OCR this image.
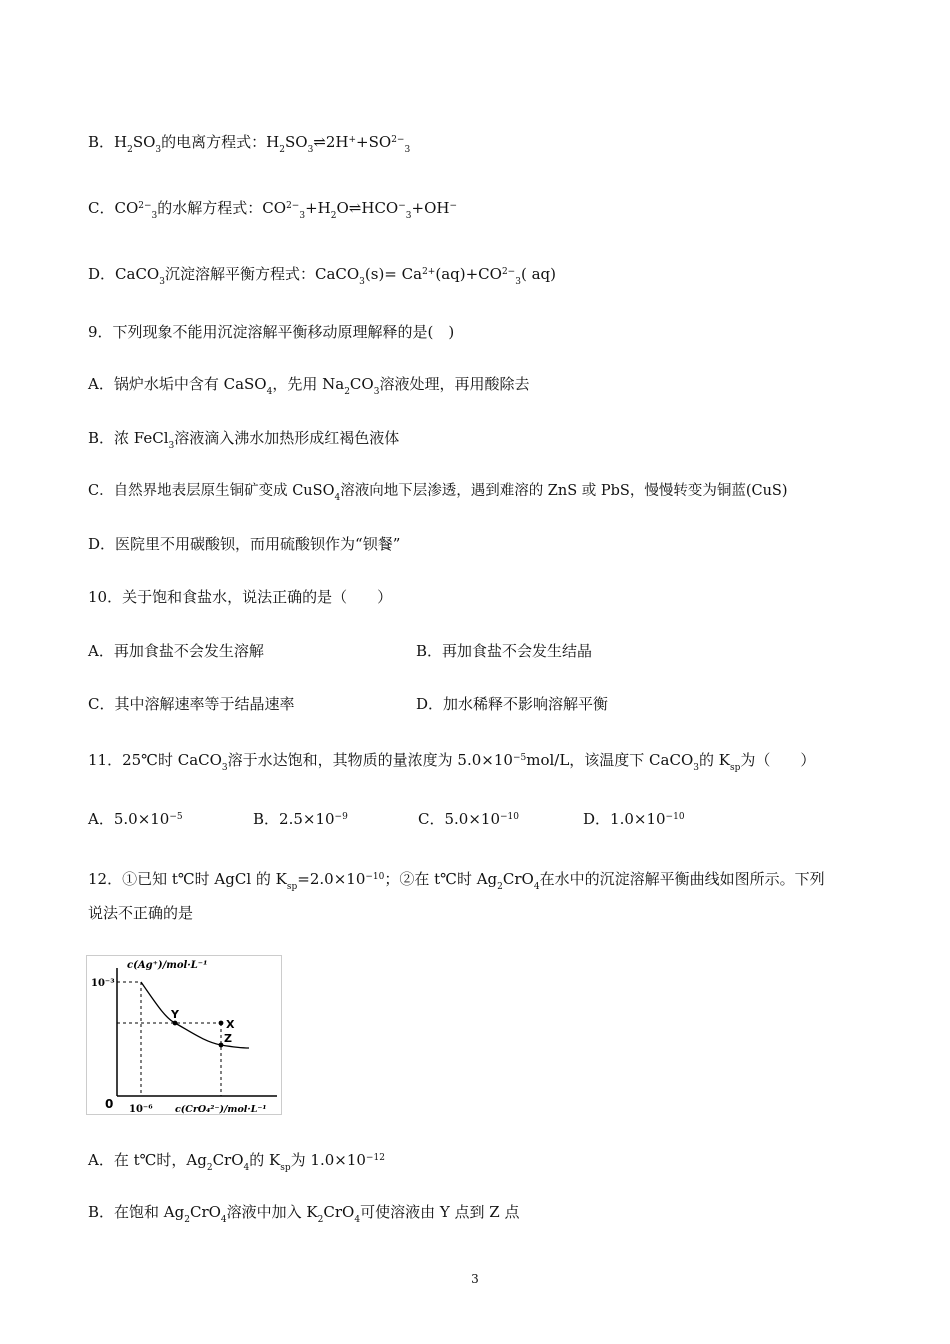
B．$H_2SO_3$的电离方程式：$H_2SO_3\rightleftharpoons 2H^++SO^{2-}_3$
C．$CO^{2-}_3$的水解方程式：$CO^{2-}_3+H_2O\rightleftharpoons HCO^-_3+OH^-$
D．CaCO$_3$沉淀溶解平衡方程式：CaCO$_3$(s)= $Ca^{2+}(aq)+CO^{2-}_3$( aq)
9．下列现象不能用沉淀溶解平衡移动原理解释的是(　)
A．锅炉水垢中含有 CaSO$_4$，先用 $Na_2CO_3$溶液处理，再用酸除去
B．浓 FeCl$_3$溶液滴入沸水加热形成红褐色液体
C．自然界地表层原生铜矿变成 CuSO$_4$溶液向地下层渗透，遇到难溶的 ZnS 或 PbS，慢慢转变为铜蓝(CuS)
D．医院里不用碳酸钡，而用硫酸钡作为“钡餐”
10．关于饱和食盐水，说法正确的是（　　）
A．再加食盐不会发生溶解	B．再加食盐不会发生结晶
C．其中溶解速率等于结晶速率	D．加水稀释不影响溶解平衡
11．25℃时 CaCO$_3$溶于水达饱和，其物质的量浓度为 $5.0\times 10^{-5}mol/L$，该温度下 CaCO$_3$的 $K_{sp}$为（　　）
A．$5.0\times 10^{-5}$	B．$2.5\times 10^{-9}$	C．$5.0\times 10^{-10}$	D．$1.0\times 10^{-10}$
12．①已知 t℃时 AgCl 的 $K_{sp}=2.0\times 10^{-10}$；②在 t℃时 $Ag_2CrO_4$在水中的沉淀溶解平衡曲线如图所示。下列
说法不正确的是
10⁻³
c(Ag⁺)/mol·L⁻¹
Y
X
Z
0 10⁻⁶ c(CrO₄²⁻)/mol·L⁻¹
A．在 t℃时，$Ag_2CrO_4$的 $K_{sp}$为 $1.0\times 10^{-12}$
B．在饱和 $Ag_2CrO_4$溶液中加入 $K_2CrO_4$可使溶液由 Y 点到 Z 点
3
